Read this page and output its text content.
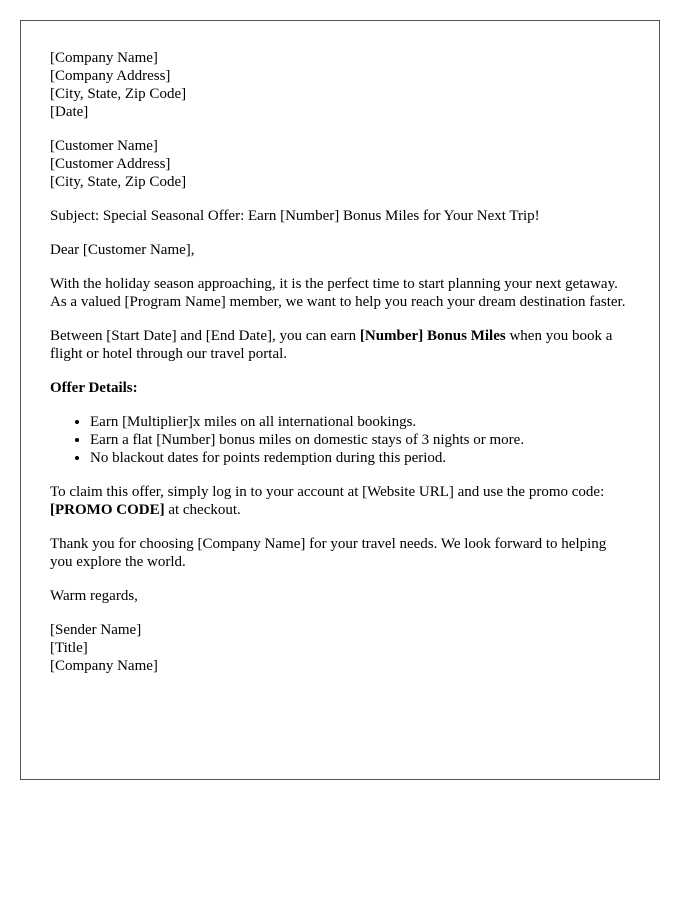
[Company Name]
[Company Address]
[City, State, Zip Code]
[Date]
[Customer Name]
[Customer Address]
[City, State, Zip Code]

Subject: Special Seasonal Offer: Earn [Number] Bonus Miles for Your Next Trip!

Dear [Customer Name],

With the holiday season approaching, it is the perfect time to start planning your next getaway. As a valued [Program Name] member, we want to help you reach your dream destination faster.

Between [Start Date] and [End Date], you can earn [Number] Bonus Miles when you book a flight or hotel through our travel portal.

Offer Details:

• Earn [Multiplier]x miles on all international bookings.
• Earn a flat [Number] bonus miles on domestic stays of 3 nights or more.
• No blackout dates for points redemption during this period.

To claim this offer, simply log in to your account at [Website URL] and use the promo code: [PROMO CODE] at checkout.

Thank you for choosing [Company Name] for your travel needs. We look forward to helping you explore the world.

Warm regards,

[Sender Name]
[Title]
[Company Name]
